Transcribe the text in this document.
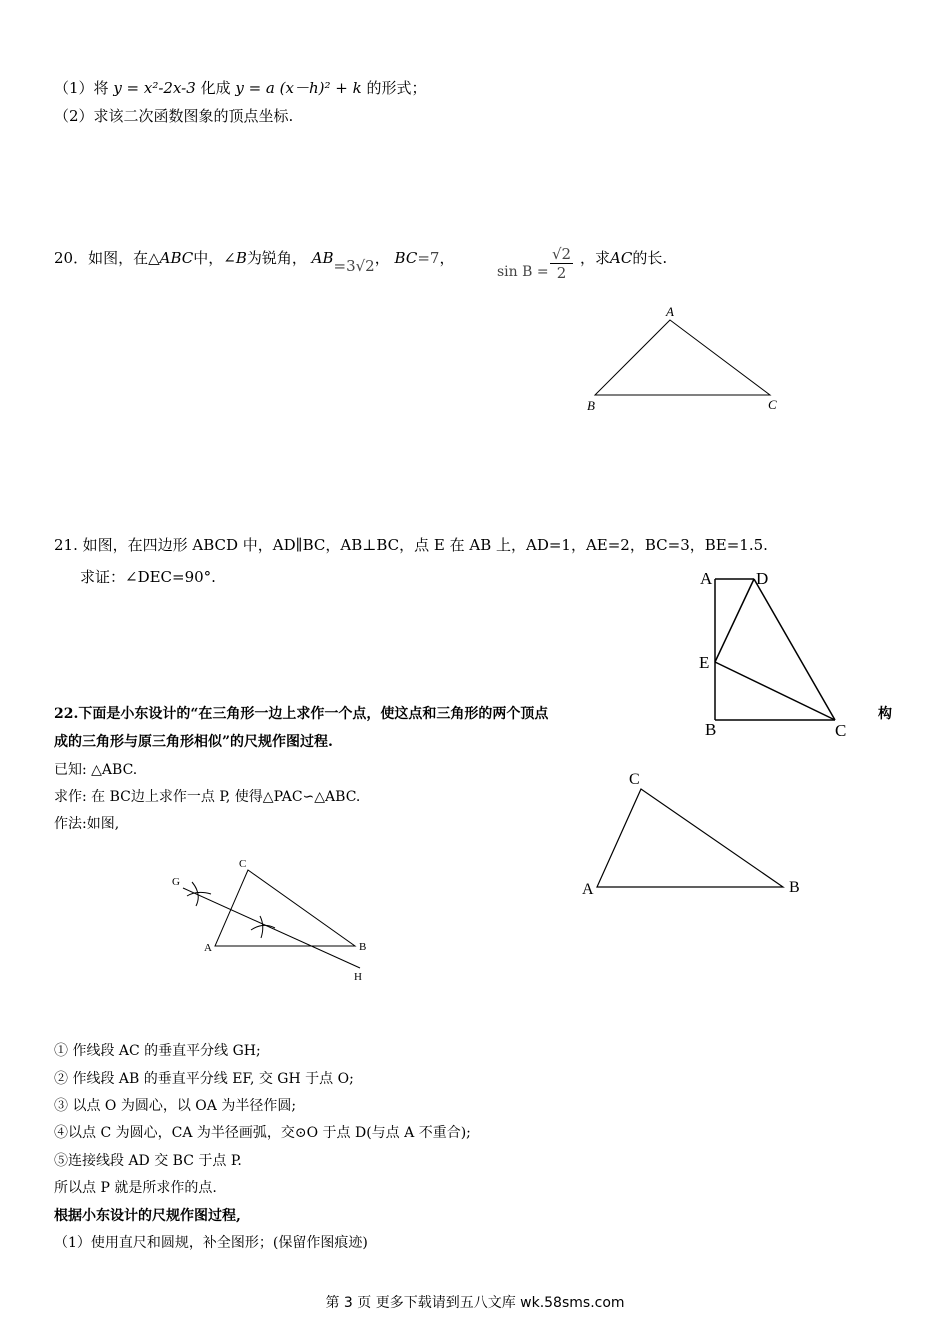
（1）将 y = x²-2x-3 化成 y = a (x－h)² + k 的形式；
（2）求该二次函数图象的顶点坐标.
20．如图，在△ABC中，∠B为锐角， AB=3√2， BC=7，
$\sin B = \frac{√2}{2}$ ，求AC的长.
A
B	C
21. 如图，在四边形 ABCD 中，AD∥BC，AB⊥BC，点 E 在 AB 上，AD=1，AE=2，BC=3，BE=1.5.
求证：∠DEC=90°.	A	D
E
B	C
22.下面是小东设计的“在三角形一边上求作一个点，使这点和三角形的两个顶点	构
成的三角形与原三角形相似”的尺规作图过程.
已知: △ABC.
求作: 在 BC边上求作一点 P, 使得△PAC∽△ABC.
作法:如图,
G
C
A	B
H
C
A	B
① 作线段 AC 的垂直平分线 GH;
② 作线段 AB 的垂直平分线 EF, 交 GH 于点 O;
③ 以点 O 为圆心，以 OA 为半径作圆;
④以点 C 为圆心，CA 为半径画弧，交⊙O 于点 D(与点 A 不重合);
⑤连接线段 AD 交 BC 于点 P.
所以点 P 就是所求作的点.
根据小东设计的尺规作图过程,
（1）使用直尺和圆规，补全图形；(保留作图痕迹)
第 3 页 更多下载请到五八文库 wk.58sms.com
